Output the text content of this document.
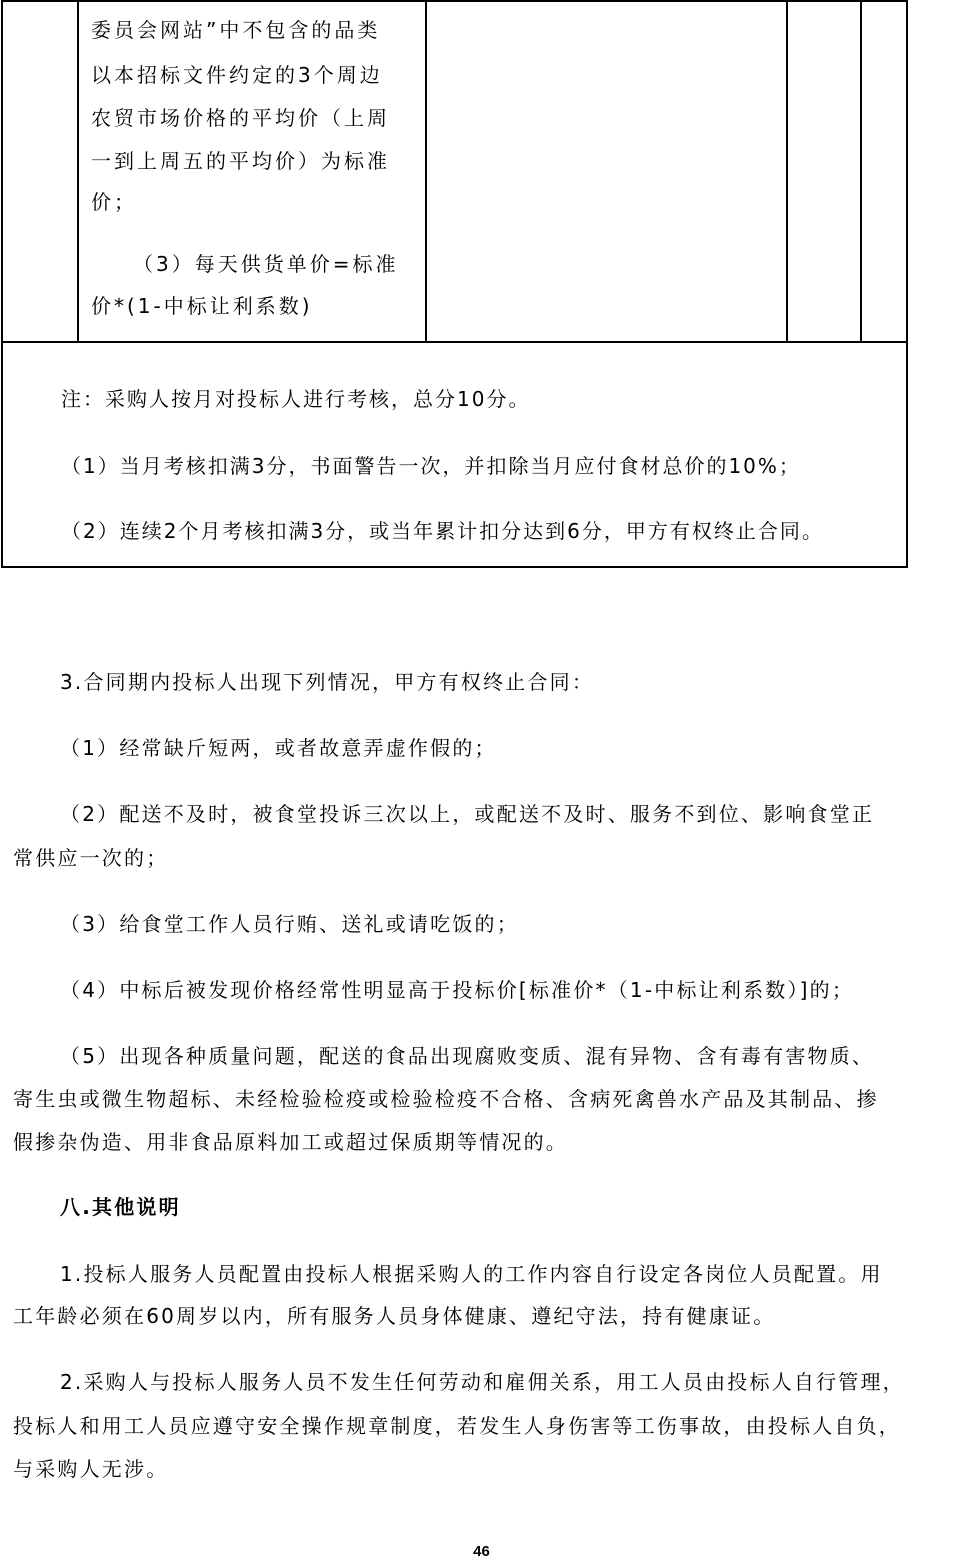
委员会网站”中不包含的品类
以本招标文件约定的3个周边
农贸市场价格的平均价（上周
一到上周五的平均价）为标准
价；
（3）每天供货单价=标准
价*(1-中标让利系数)
注：采购人按月对投标人进行考核，总分10分。
（1）当月考核扣满3分，书面警告一次，并扣除当月应付食材总价的10%；
（2）连续2个月考核扣满3分，或当年累计扣分达到6分，甲方有权终止合同。
3.合同期内投标人出现下列情况，甲方有权终止合同：
（1）经常缺斤短两，或者故意弄虚作假的；
（2）配送不及时，被食堂投诉三次以上，或配送不及时、服务不到位、影响食堂正
常供应一次的；
（3）给食堂工作人员行贿、送礼或请吃饭的；
（4）中标后被发现价格经常性明显高于投标价[标准价*（1-中标让利系数）]的；
（5）出现各种质量问题，配送的食品出现腐败变质、混有异物、含有毒有害物质、
寄生虫或微生物超标、未经检验检疫或检验检疫不合格、含病死禽兽水产品及其制品、掺
假掺杂伪造、用非食品原料加工或超过保质期等情况的。
八.其他说明
1.投标人服务人员配置由投标人根据采购人的工作内容自行设定各岗位人员配置。用
工年龄必须在60周岁以内，所有服务人员身体健康、遵纪守法，持有健康证。
2.采购人与投标人服务人员不发生任何劳动和雇佣关系，用工人员由投标人自行管理，
投标人和用工人员应遵守安全操作规章制度，若发生人身伤害等工伤事故，由投标人自负，
与采购人无涉。
46
